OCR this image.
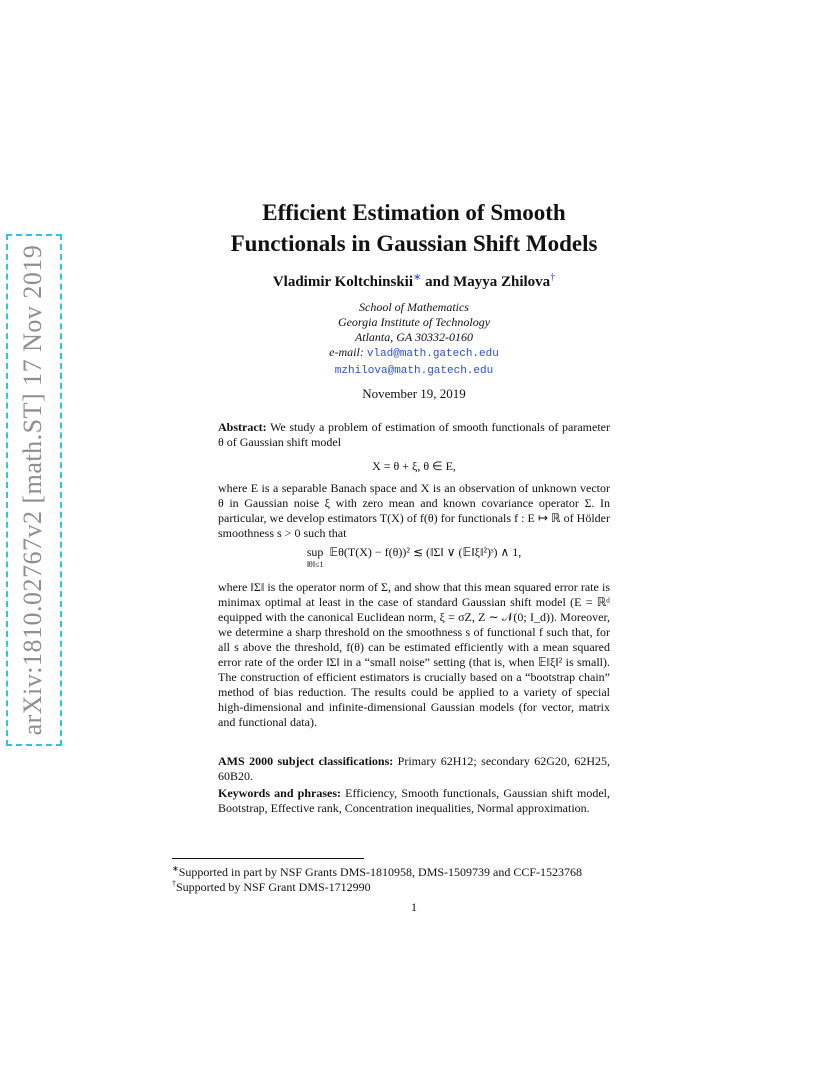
arXiv:1810.02767v2 [math.ST] 17 Nov 2019
Efficient Estimation of Smooth
Functionals in Gaussian Shift Models
Vladimir Koltchinskii∗ and Mayya Zhilova†
School of Mathematics
Georgia Institute of Technology
Atlanta, GA 30332-0160
e-mail: vlad@math.gatech.edu
mzhilova@math.gatech.edu
November 19, 2019
Abstract: We study a problem of estimation of smooth functionals of parameter θ of Gaussian shift model
X = θ + ξ, θ ∈ E,
where E is a separable Banach space and X is an observation of unknown vector θ in Gaussian noise ξ with zero mean and known covariance operator Σ. In particular, we develop estimators T(X) of f(θ) for functionals f : E ↦ ℝ of Hölder smoothness s > 0 such that
sup
‖θ‖≤1
𝔼θ(T(X) − f(θ))² ≲ (‖Σ‖ ∨ (𝔼‖ξ‖²)ˢ) ∧ 1,
where ‖Σ‖ is the operator norm of Σ, and show that this mean squared error rate is minimax optimal at least in the case of standard Gaussian shift model (E = ℝᵈ equipped with the canonical Euclidean norm, ξ = σZ, Z ∼ 𝒩(0; I_d)). Moreover, we determine a sharp threshold on the smoothness s of functional f such that, for all s above the threshold, f(θ) can be estimated efficiently with a mean squared error rate of the order ‖Σ‖ in a “small noise” setting (that is, when 𝔼‖ξ‖² is small). The construction of efficient estimators is crucially based on a “bootstrap chain” method of bias reduction. The results could be applied to a variety of special high-dimensional and infinite-dimensional Gaussian models (for vector, matrix and functional data).
AMS 2000 subject classifications: Primary 62H12; secondary 62G20, 62H25, 60B20.
Keywords and phrases: Efficiency, Smooth functionals, Gaussian shift model, Bootstrap, Effective rank, Concentration inequalities, Normal approximation.
∗Supported in part by NSF Grants DMS-1810958, DMS-1509739 and CCF-1523768
†Supported by NSF Grant DMS-1712990
1
